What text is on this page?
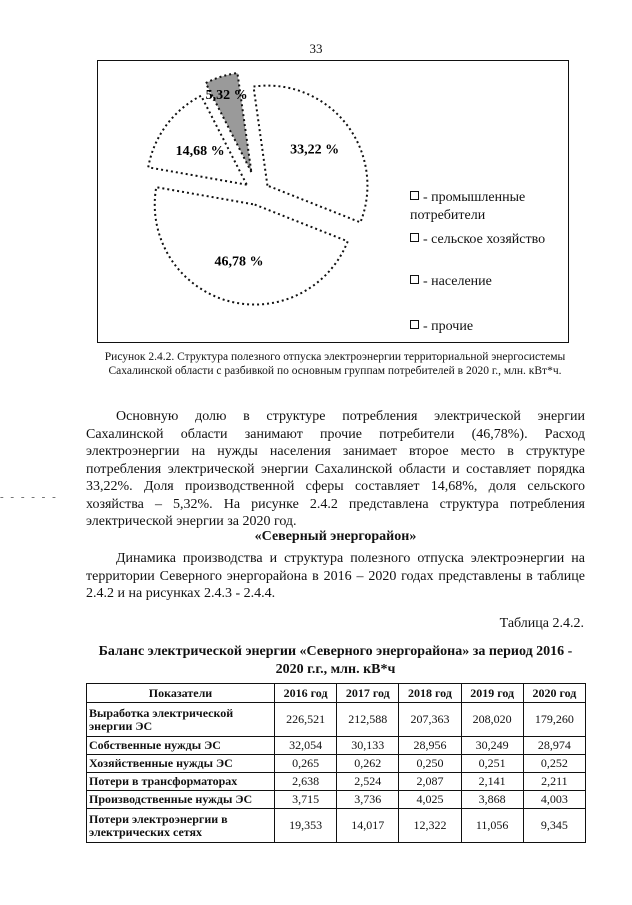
33
14,68 %
5,32 %
33,22 %
46,78 %
- промышленные
потребители
- сельское хозяйство
- население
- прочие
Рисунок 2.4.2. Структура полезного отпуска электроэнергии территориальной энергосистемы Сахалинской области с разбивкой по основным группам потребителей в 2020 г., млн. кВт*ч.
Основную долю в структуре потребления электрической энергии Сахалинской области занимают прочие потребители (46,78%). Расход электроэнергии на нужды населения занимает второе место в структуре потребления электрической энергии Сахалинской области и составляет порядка 33,22%. Доля производственной сферы составляет 14,68%, доля сельского хозяйства – 5,32%. На рисунке 2.4.2 представлена структура потребления электрической энергии за 2020 год.
«Северный энергорайон»
Динамика производства и структура полезного отпуска электроэнергии на территории Северного энергорайона в 2016 – 2020 годах представлены в таблице 2.4.2 и на рисунках 2.4.3 - 2.4.4.
- - - - - -
Таблица 2.4.2.
Баланс электрической энергии «Северного энергорайона» за период 2016 - 2020 г.г., млн. кВ*ч
Показатели	2016 год	2017 год	2018 год	2019 год	2020 год
Выработка электрической энергии ЭС	226,521	212,588	207,363	208,020	179,260
Собственные нужды ЭС	32,054	30,133	28,956	30,249	28,974
Хозяйственные нужды ЭС	0,265	0,262	0,250	0,251	0,252
Потери в трансформаторах	2,638	2,524	2,087	2,141	2,211
Производственные нужды ЭС	3,715	3,736	4,025	3,868	4,003
Потери электроэнергии в электрических сетях	19,353	14,017	12,322	11,056	9,345
